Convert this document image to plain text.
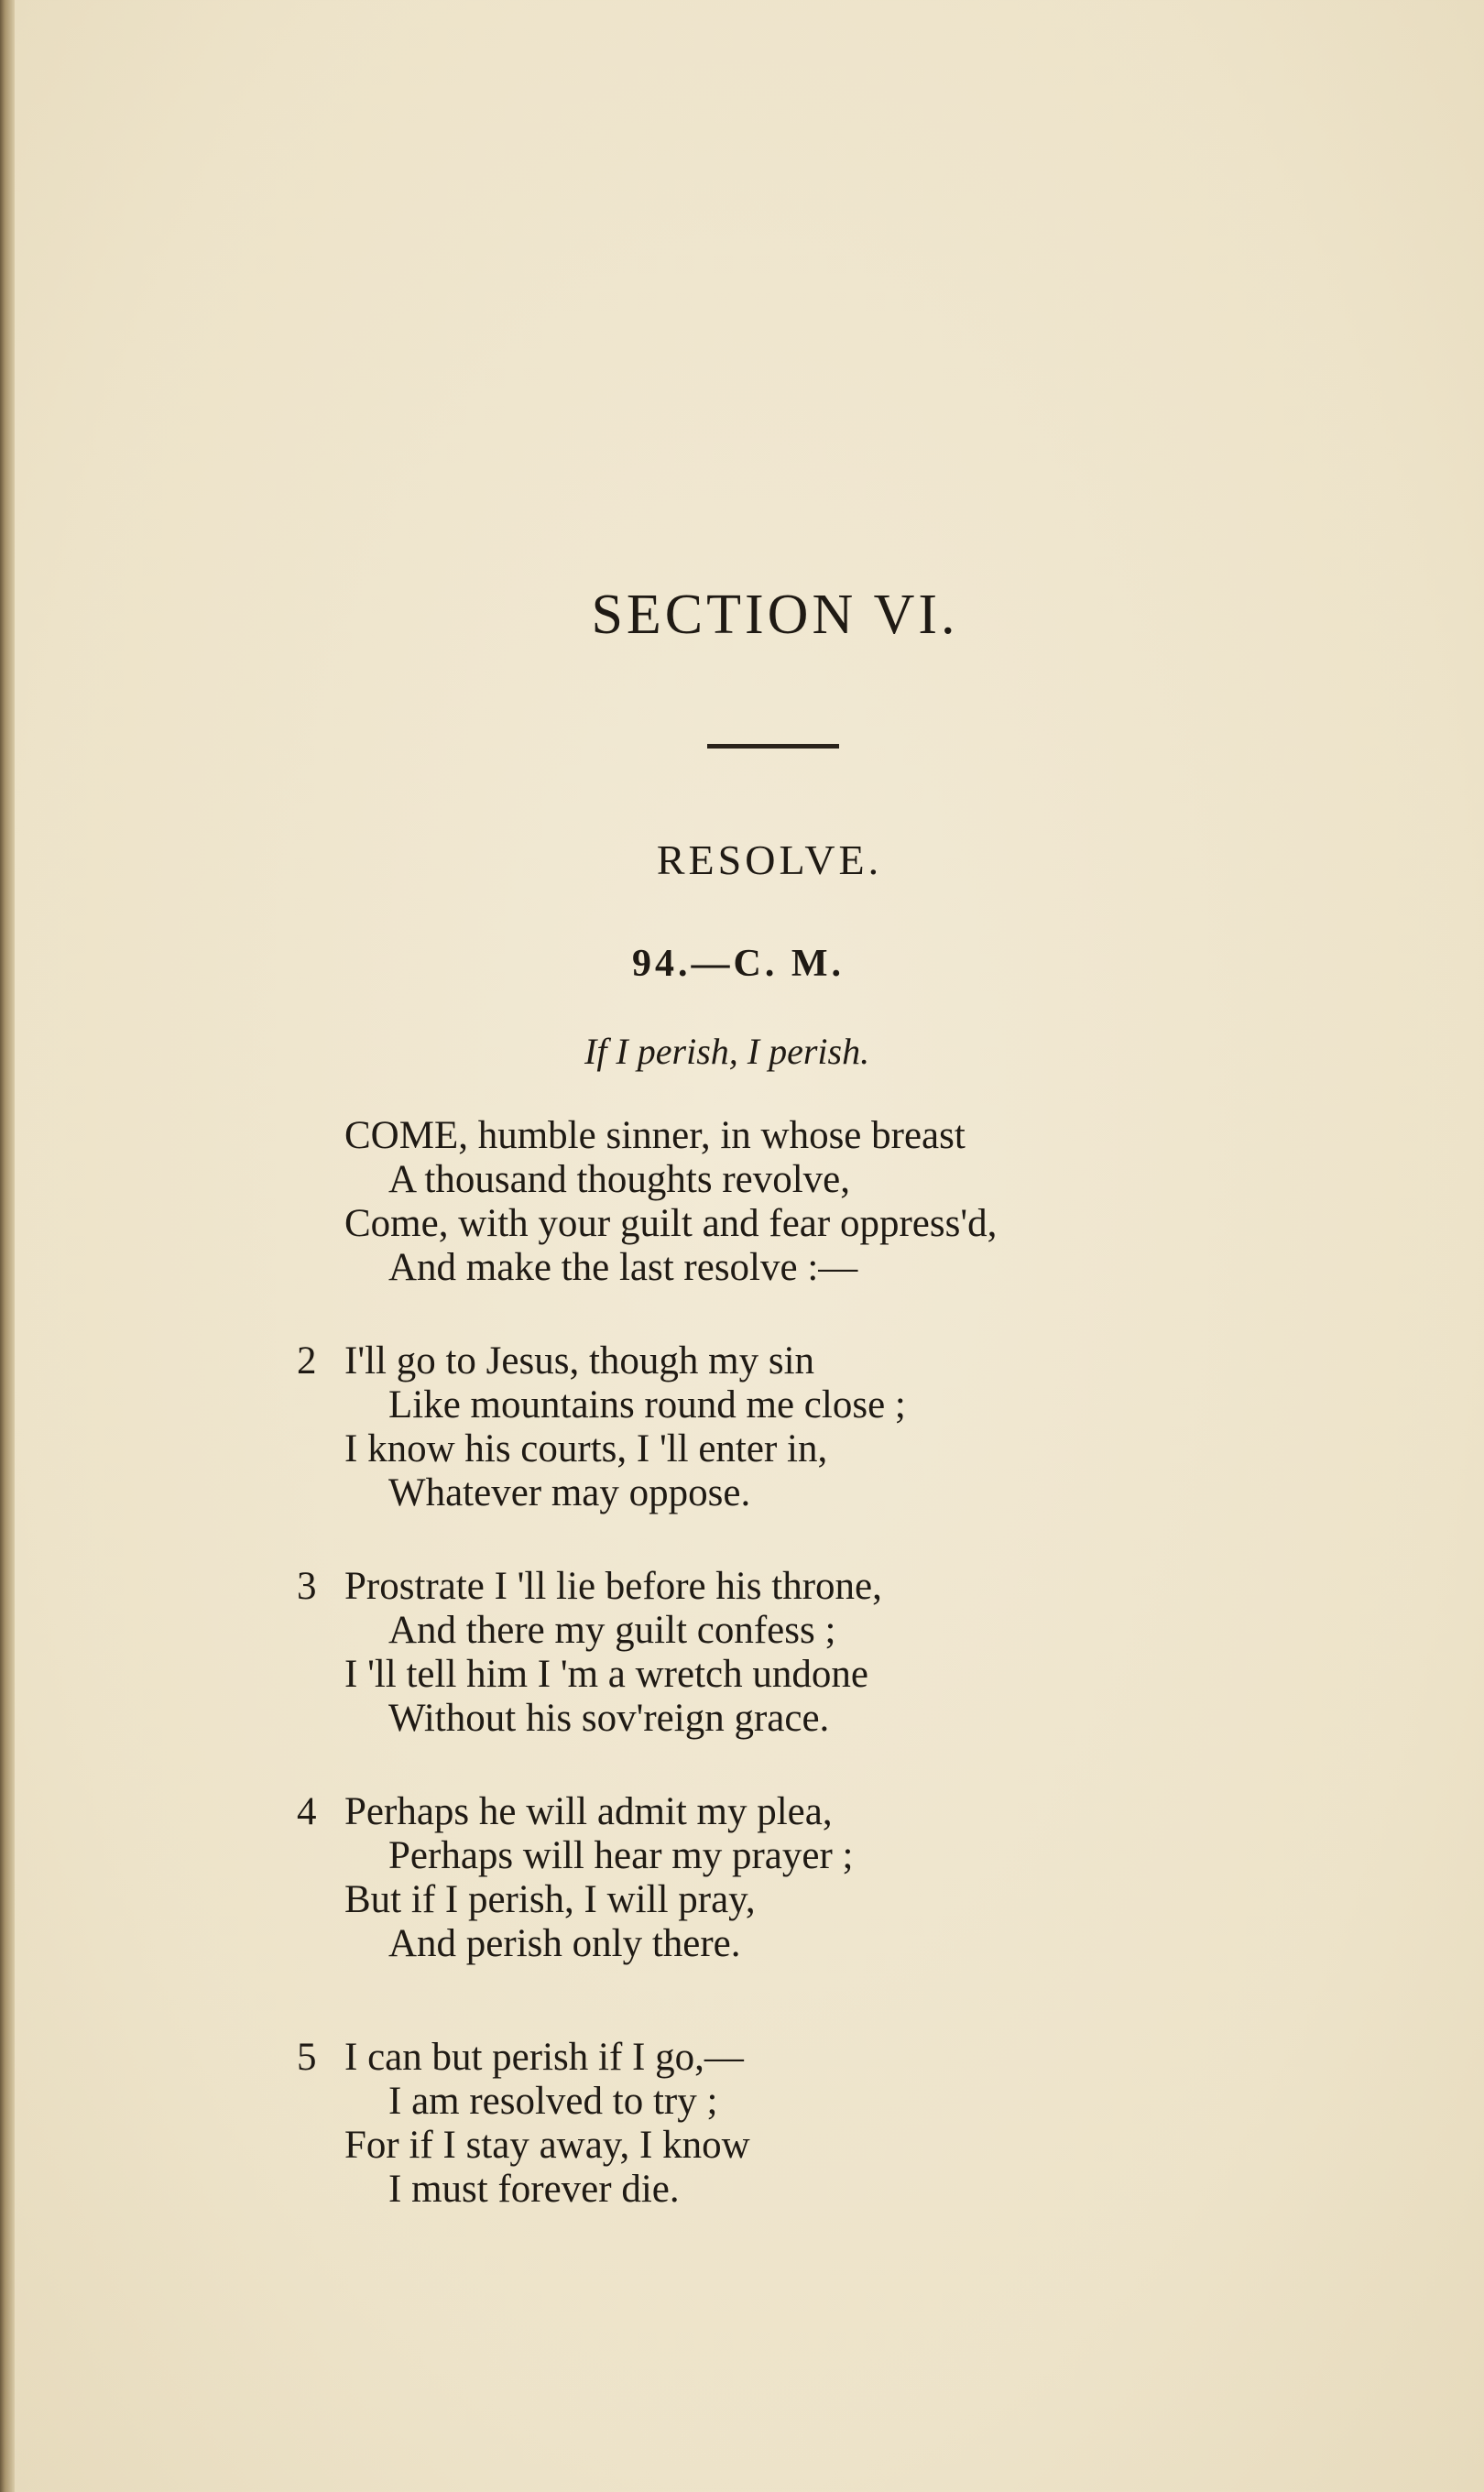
SECTION VI.
RESOLVE.
94.—C. M.
If I perish, I perish.
COME, humble sinner, in whose breast
A thousand thoughts revolve,
Come, with your guilt and fear oppress'd,
And make the last resolve :—
2 I'll go to Jesus, though my sin
Like mountains round me close ;
I know his courts, I 'll enter in,
Whatever may oppose.
3 Prostrate I 'll lie before his throne,
And there my guilt confess ;
I 'll tell him I 'm a wretch undone
Without his sov'reign grace.
4 Perhaps he will admit my plea,
Perhaps will hear my prayer ;
But if I perish, I will pray,
And perish only there.
5 I can but perish if I go,—
I am resolved to try ;
For if I stay away, I know
I must forever die.
